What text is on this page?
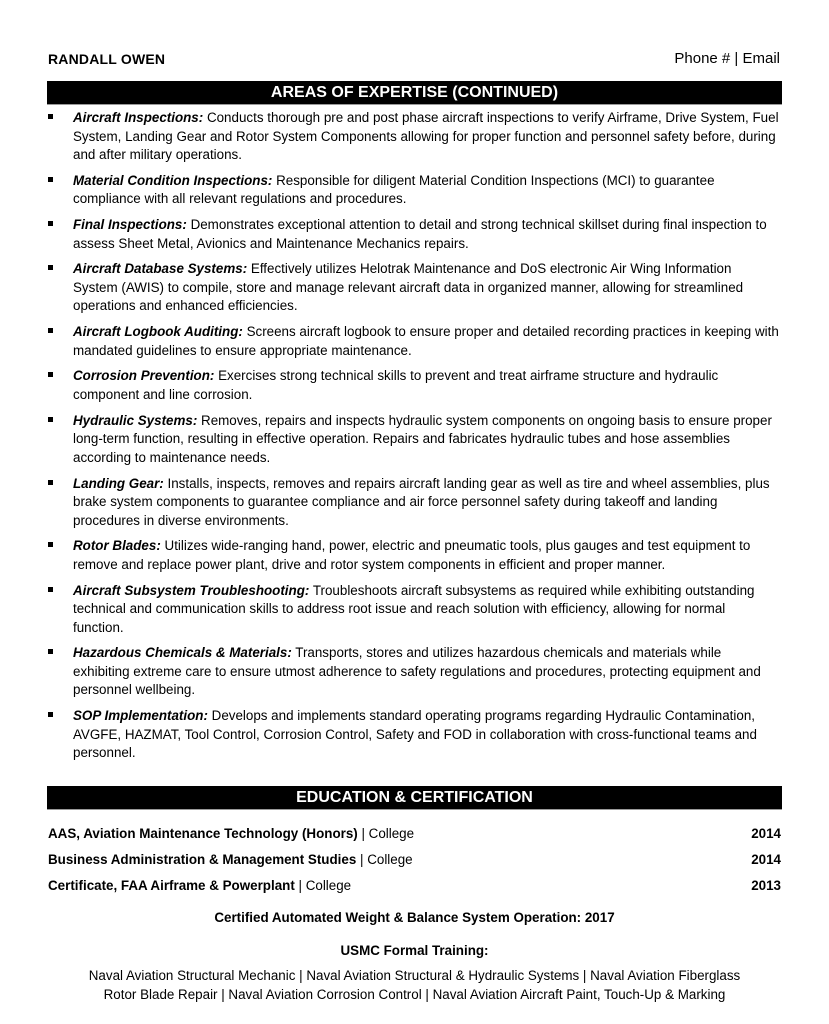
RANDALL OWEN	Phone # | Email
AREAS OF EXPERTISE (CONTINUED)
Aircraft Inspections: Conducts thorough pre and post phase aircraft inspections to verify Airframe, Drive System, Fuel System, Landing Gear and Rotor System Components allowing for proper function and personnel safety before, during and after military operations.
Material Condition Inspections: Responsible for diligent Material Condition Inspections (MCI) to guarantee compliance with all relevant regulations and procedures.
Final Inspections: Demonstrates exceptional attention to detail and strong technical skillset during final inspection to assess Sheet Metal, Avionics and Maintenance Mechanics repairs.
Aircraft Database Systems: Effectively utilizes Helotrak Maintenance and DoS electronic Air Wing Information System (AWIS) to compile, store and manage relevant aircraft data in organized manner, allowing for streamlined operations and enhanced efficiencies.
Aircraft Logbook Auditing: Screens aircraft logbook to ensure proper and detailed recording practices in keeping with mandated guidelines to ensure appropriate maintenance.
Corrosion Prevention: Exercises strong technical skills to prevent and treat airframe structure and hydraulic component and line corrosion.
Hydraulic Systems: Removes, repairs and inspects hydraulic system components on ongoing basis to ensure proper long-term function, resulting in effective operation. Repairs and fabricates hydraulic tubes and hose assemblies according to maintenance needs.
Landing Gear: Installs, inspects, removes and repairs aircraft landing gear as well as tire and wheel assemblies, plus brake system components to guarantee compliance and air force personnel safety during takeoff and landing procedures in diverse environments.
Rotor Blades: Utilizes wide-ranging hand, power, electric and pneumatic tools, plus gauges and test equipment to remove and replace power plant, drive and rotor system components in efficient and proper manner.
Aircraft Subsystem Troubleshooting: Troubleshoots aircraft subsystems as required while exhibiting outstanding technical and communication skills to address root issue and reach solution with efficiency, allowing for normal function.
Hazardous Chemicals & Materials: Transports, stores and utilizes hazardous chemicals and materials while exhibiting extreme care to ensure utmost adherence to safety regulations and procedures, protecting equipment and personnel wellbeing.
SOP Implementation: Develops and implements standard operating programs regarding Hydraulic Contamination, AVGFE, HAZMAT, Tool Control, Corrosion Control, Safety and FOD in collaboration with cross-functional teams and personnel.
EDUCATION & CERTIFICATION
AAS, Aviation Maintenance Technology (Honors) | College	2014
Business Administration & Management Studies | College	2014
Certificate, FAA Airframe & Powerplant | College	2013
Certified Automated Weight & Balance System Operation: 2017
USMC Formal Training:
Naval Aviation Structural Mechanic | Naval Aviation Structural & Hydraulic Systems | Naval Aviation Fiberglass
Rotor Blade Repair | Naval Aviation Corrosion Control | Naval Aviation Aircraft Paint, Touch-Up & Marking
